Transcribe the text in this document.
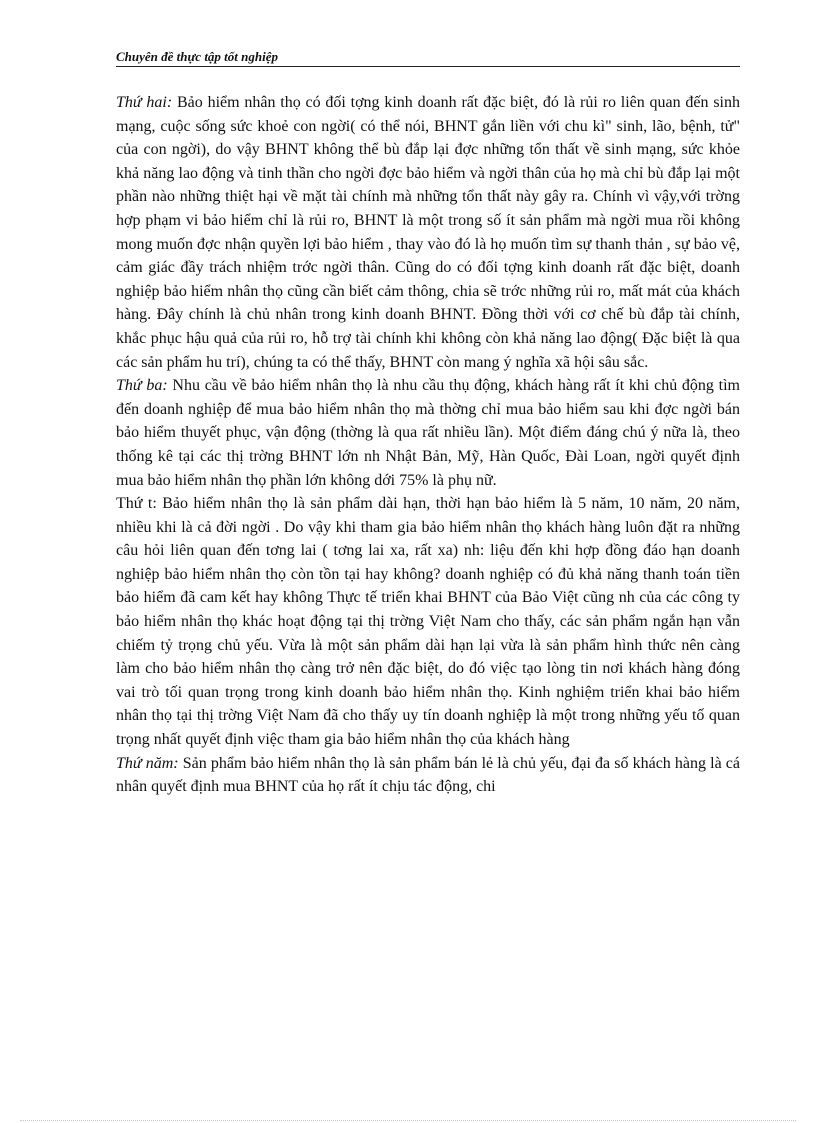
Chuyên đề thực tập tốt nghiệp

Thứ hai: Bảo hiểm nhân thọ có đối tợng kinh doanh rất đặc biệt, đó là rủi ro liên quan đến sinh mạng, cuộc sống sức khoẻ con ngời( có thể nói, BHNT gắn liền với chu kì" sinh, lão, bệnh, tử" của con ngời), do vậy BHNT không thể bù đắp lại đợc những tổn thất về sinh mạng, sức khỏe khả năng lao động và tinh thần cho ngời đợc bảo hiểm và ngời thân của họ mà chỉ bù đắp lại một phần nào những thiệt hại về mặt tài chính mà những tổn thất này gây ra. Chính vì vậy,với trờng hợp phạm vi bảo hiểm chỉ là rủi ro, BHNT là một trong số ít sản phẩm mà ngời mua rồi không mong muốn đợc nhận quyền lợi bảo hiểm , thay vào đó là họ muốn tìm sự thanh thản , sự bảo vệ, cảm giác đầy trách nhiệm trớc ngời thân. Cũng do có đối tợng kinh doanh rất đặc biệt, doanh nghiệp bảo hiểm nhân thọ cũng cần biết cảm thông, chia sẽ trớc những rủi ro, mất mát của khách hàng. Đây chính là chủ nhân trong kinh doanh BHNT. Đồng thời với cơ chế bù đắp tài chính, khắc phục hậu quả của rủi ro, hỗ trợ tài chính khi không còn khả năng lao động( Đặc biệt là qua các sản phẩm hu trí), chúng ta có thể thấy, BHNT còn mang ý nghĩa xã hội sâu sắc.

Thứ ba: Nhu cầu về bảo hiểm nhân thọ là nhu cầu thụ động, khách hàng rất ít khi chủ động tìm đến doanh nghiệp để mua bảo hiểm nhân thọ mà thờng chỉ mua bảo hiểm sau khi đợc ngời bán bảo hiểm thuyết phục, vận động (thờng là qua rất nhiều lần). Một điểm đáng chú ý nữa là, theo thống kê tại các thị trờng BHNT lớn nh Nhật Bản, Mỹ, Hàn Quốc, Đài Loan, ngời quyết định mua bảo hiểm nhân thọ phần lớn không dới 75% là phụ nữ.

Thứ t: Bảo hiểm nhân thọ là sản phẩm dài hạn, thời hạn bảo hiểm là 5 năm, 10 năm, 20 năm, nhiều khi là cả đời ngời . Do vậy khi tham gia bảo hiểm nhân thọ khách hàng luôn đặt ra những câu hỏi liên quan đến tơng lai ( tơng lai xa, rất xa) nh: liệu đến khi hợp đồng đáo hạn doanh nghiệp bảo hiểm nhân thọ còn tồn tại hay không? doanh nghiệp có đủ khả năng thanh toán tiền bảo hiểm đã cam kết hay không Thực tế triển khai BHNT của Bảo Việt cũng nh của các công ty bảo hiểm nhân thọ khác hoạt động tại thị trờng Việt Nam cho thấy, các sản phẩm ngắn hạn vẫn chiếm tỷ trọng chủ yếu. Vừa là một sản phẩm dài hạn lại vừa là sản phẩm hình thức nên càng làm cho bảo hiểm nhân thọ càng trở nên đặc biệt, do đó việc tạo lòng tin nơi khách hàng đóng vai trò tối quan trọng trong kinh doanh bảo hiểm nhân thọ. Kinh nghiệm triển khai bảo hiểm nhân thọ tại thị trờng Việt Nam đã cho thấy uy tín doanh nghiệp là một trong những yếu tố quan trọng nhất quyết định việc tham gia bảo hiểm nhân thọ của khách hàng

Thứ năm: Sản phẩm bảo hiểm nhân thọ là sản phẩm bán lẻ là chủ yếu, đại đa số khách hàng là cá nhân quyết định mua BHNT của họ rất ít chịu tác động, chi
